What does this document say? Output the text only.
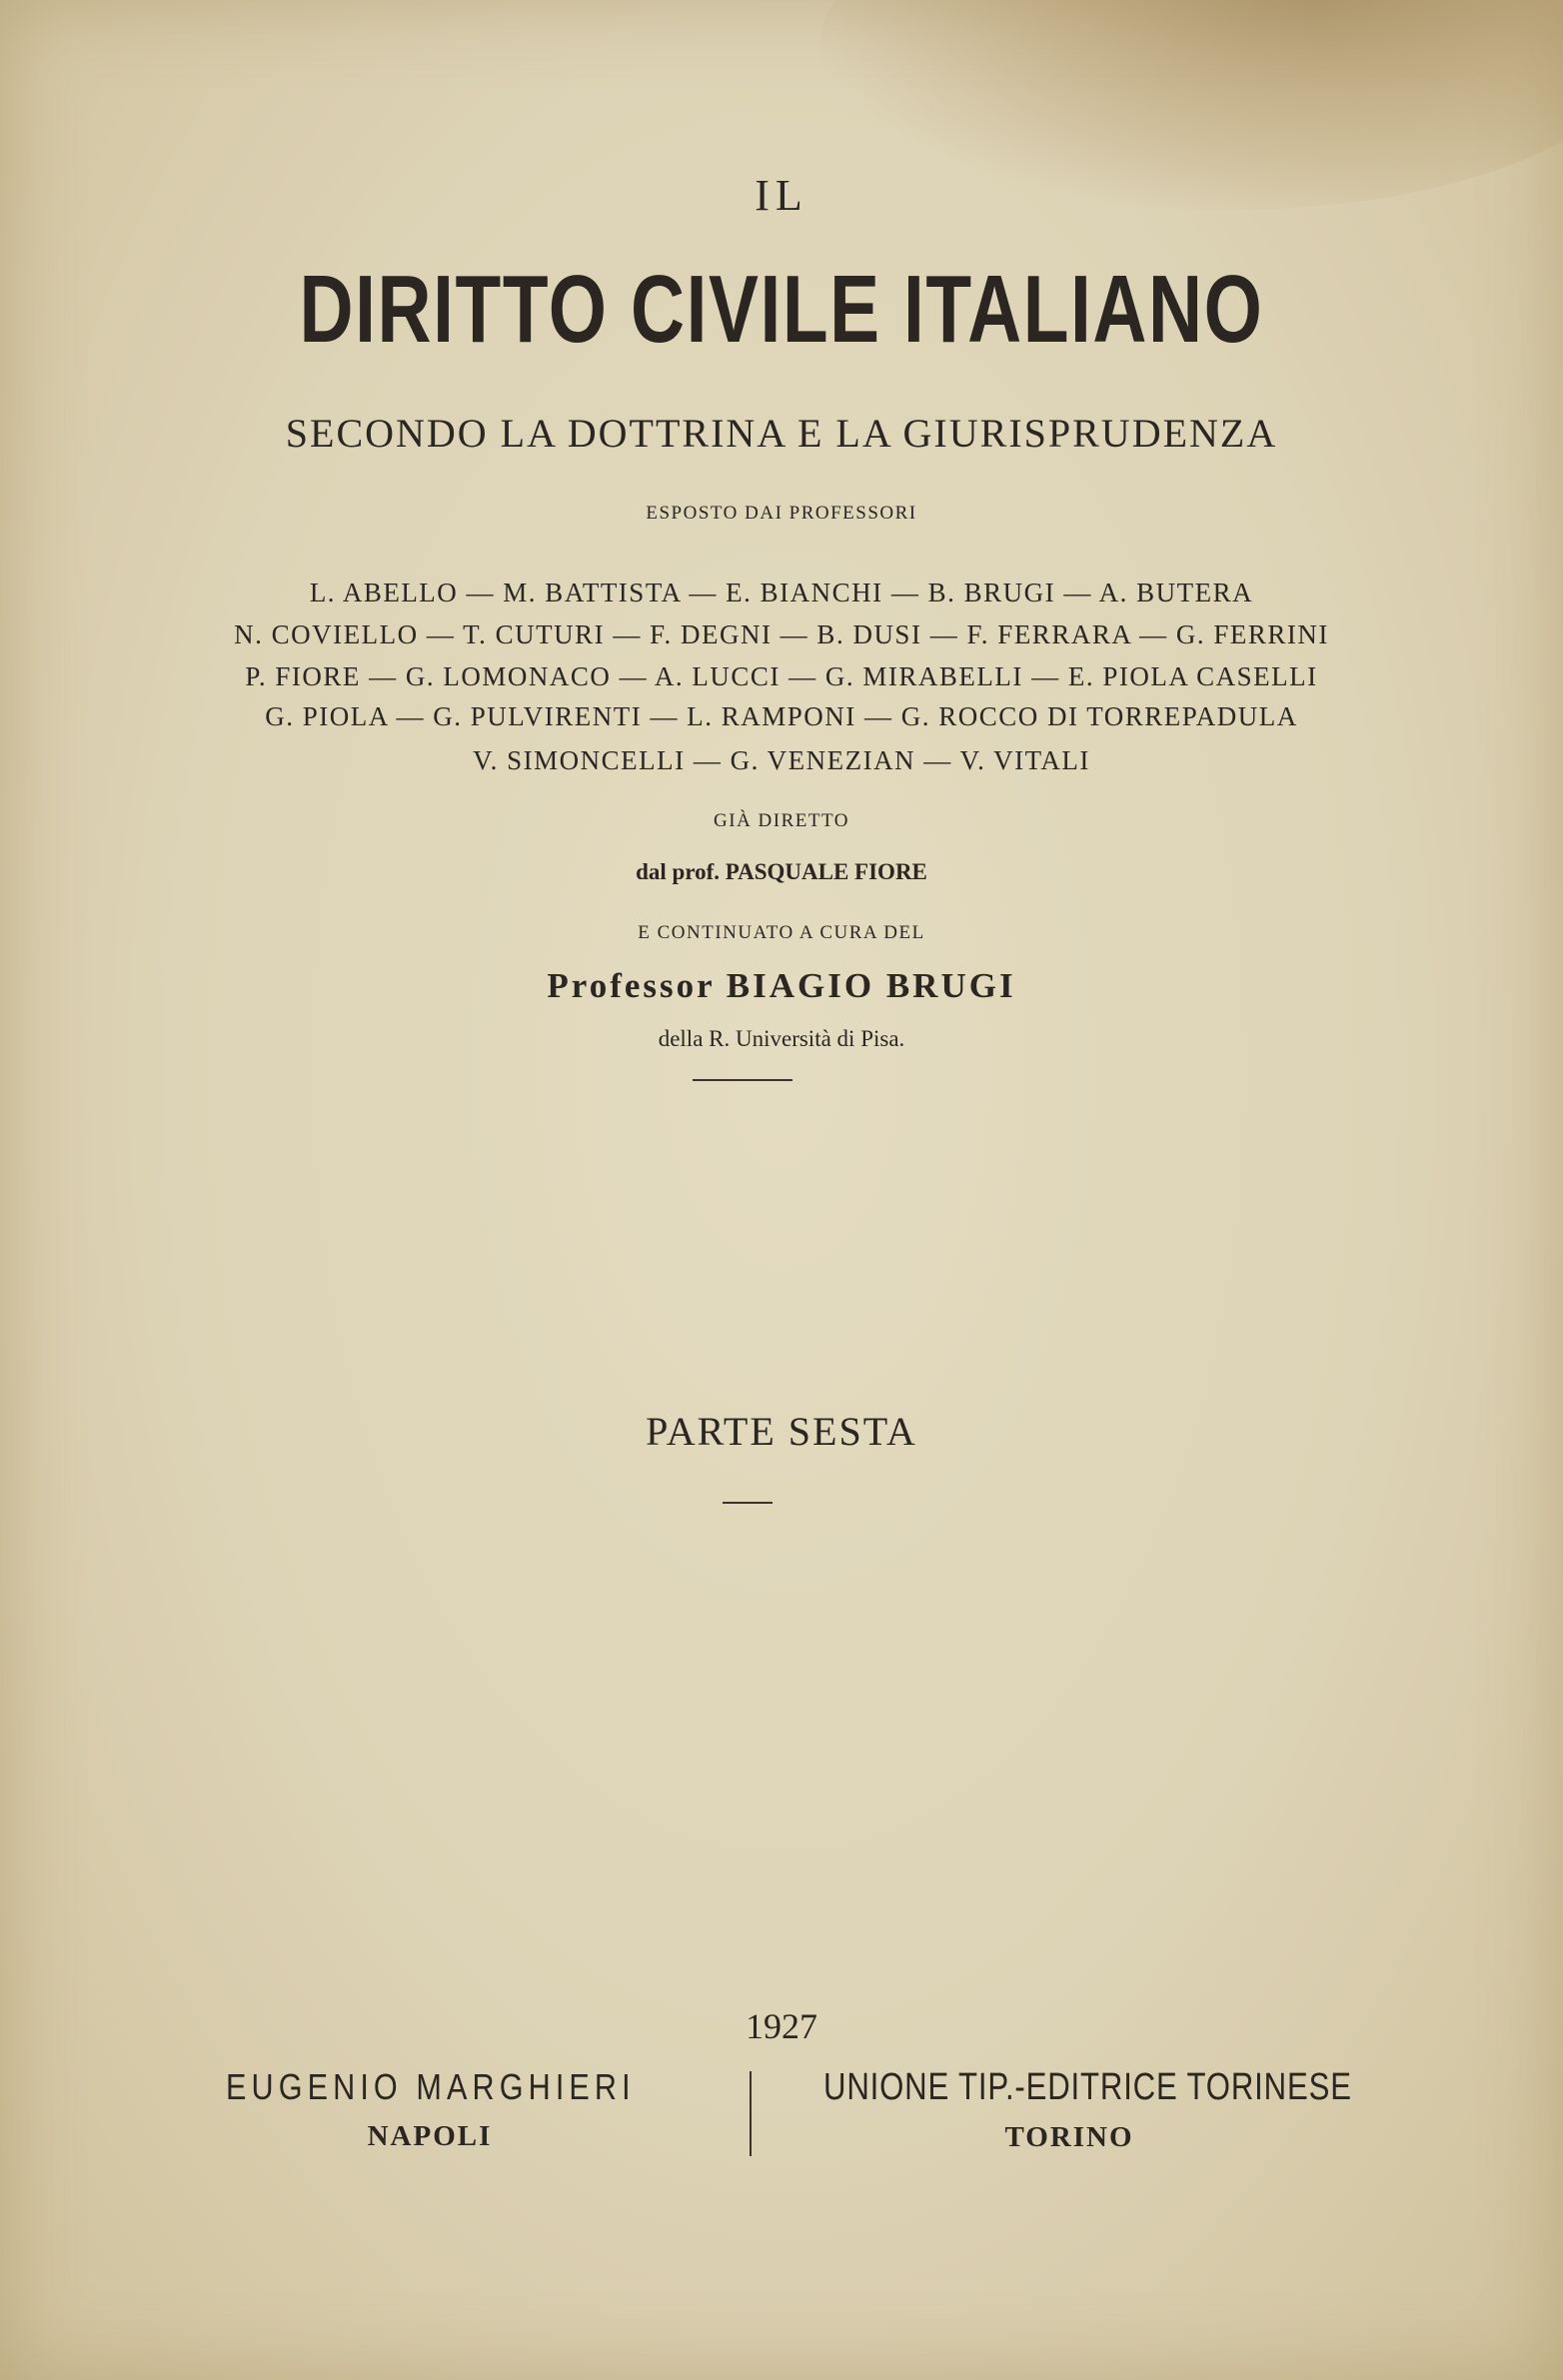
IL
DIRITTO CIVILE ITALIANO
SECONDO LA DOTTRINA E LA GIURISPRUDENZA
ESPOSTO DAI PROFESSORI
L. ABELLO — M. BATTISTA — E. BIANCHI — B. BRUGI — A. BUTERA
N. COVIELLO — T. CUTURI — F. DEGNI — B. DUSI — F. FERRARA — G. FERRINI
P. FIORE — G. LOMONACO — A. LUCCI — G. MIRABELLI — E. PIOLA CASELLI
G. PIOLA — G. PULVIRENTI — L. RAMPONI — G. ROCCO DI TORREPADULA
V. SIMONCELLI — G. VENEZIAN — V. VITALI
GIÀ DIRETTO
dal prof. PASQUALE FIORE
E CONTINUATO A CURA DEL
Professor BIAGIO BRUGI
della R. Università di Pisa.
PARTE SESTA
1927
EUGENIO MARGHIERI
NAPOLI
UNIONE TIP.-EDITRICE TORINESE
TORINO
